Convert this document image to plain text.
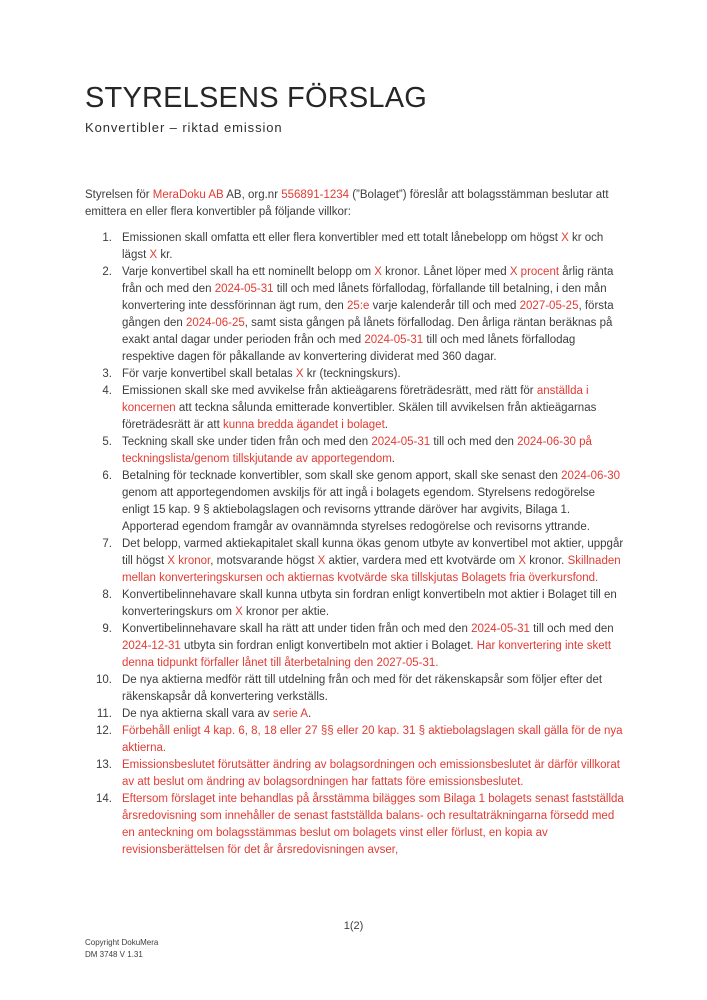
STYRELSENS FÖRSLAG
Konvertibler – riktad emission

Styrelsen för MeraDoku AB AB, org.nr 556891-1234 (”Bolaget”) föreslår att bolagsstämman beslutar att emittera en eller flera konvertibler på följande villkor:

1. Emissionen skall omfatta ett eller flera konvertibler med ett totalt lånebelopp om högst X kr och lägst X kr.
2. Varje konvertibel skall ha ett nominellt belopp om X kronor. Lånet löper med X procent årlig ränta från och med den 2024-05-31 till och med lånets förfallodag, förfallande till betalning, i den mån konvertering inte dessförinnan ägt rum, den 25:e varje kalenderår till och med 2027-05-25, första gången den 2024-06-25, samt sista gången på lånets förfallodag. Den årliga räntan beräknas på exakt antal dagar under perioden från och med 2024-05-31 till och med lånets förfallodag respektive dagen för påkallande av konvertering dividerat med 360 dagar.
3. För varje konvertibel skall betalas X kr (teckningskurs).
4. Emissionen skall ske med avvikelse från aktieägarens företrädesrätt, med rätt för anställda i koncernen att teckna sålunda emitterade konvertibler. Skälen till avvikelsen från aktieägarnas företrädesrätt är att kunna bredda ägandet i bolaget.
5. Teckning skall ske under tiden från och med den 2024-05-31 till och med den 2024-06-30 på teckningslista/genom tillskjutande av apportegendom.
6. Betalning för tecknade konvertibler, som skall ske genom apport, skall ske senast den 2024-06-30 genom att apportegendomen avskiljs för att ingå i bolagets egendom. Styrelsens redogörelse enligt 15 kap. 9 § aktiebolagslagen och revisorns yttrande däröver har avgivits, Bilaga 1. Apporterad egendom framgår av ovannämnda styrelses redogörelse och revisorns yttrande.
7. Det belopp, varmed aktiekapitalet skall kunna ökas genom utbyte av konvertibel mot aktier, uppgår till högst X kronor, motsvarande högst X aktier, vardera med ett kvotvärde om X kronor. Skillnaden mellan konverteringskursen och aktiernas kvotvärde ska tillskjutas Bolagets fria överkursfond.
8. Konvertibelinnehavare skall kunna utbyta sin fordran enligt konvertibeln mot aktier i Bolaget till en konverteringskurs om X kronor per aktie.
9. Konvertibelinnehavare skall ha rätt att under tiden från och med den 2024-05-31 till och med den 2024-12-31 utbyta sin fordran enligt konvertibeln mot aktier i Bolaget. Har konvertering inte skett denna tidpunkt förfaller lånet till återbetalning den 2027-05-31.
10. De nya aktierna medför rätt till utdelning från och med för det räkenskapsår som följer efter det räkenskapsår då konvertering verkställs.
11. De nya aktierna skall vara av serie A.
12. Förbehåll enligt 4 kap. 6, 8, 18 eller 27 §§ eller 20 kap. 31 § aktiebolagslagen skall gälla för de nya aktierna.
13. Emissionsbeslutet förutsätter ändring av bolagsordningen och emissionsbeslutet är därför villkorat av att beslut om ändring av bolagsordningen har fattats före emissionsbeslutet.
14. Eftersom förslaget inte behandlas på årsstämma bilägges som Bilaga 1 bolagets senast fastställda årsredovisning som innehåller de senast fastställda balans- och resultaträkningarna försedd med en anteckning om bolagsstämmas beslut om bolagets vinst eller förlust, en kopia av revisionsberättelsen för det år årsredovisningen avser,
1(2)
Copyright DokuMera
DM 3748 V 1.31
